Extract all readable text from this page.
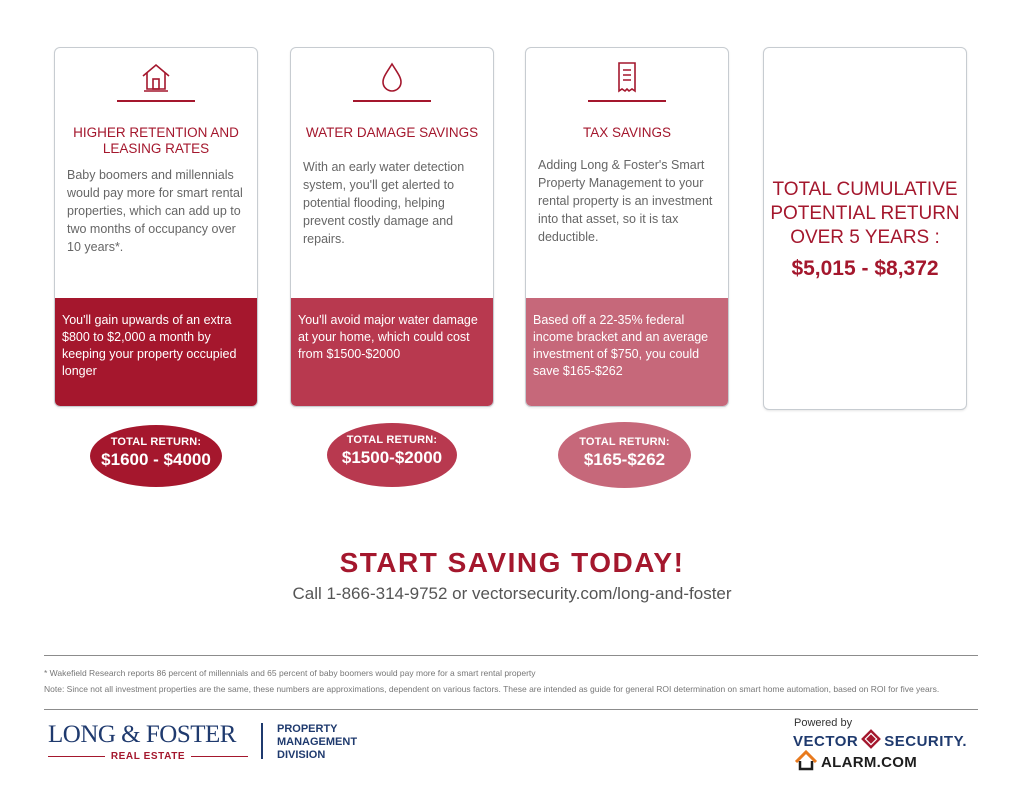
HIGHER RETENTION AND LEASING RATES
Baby boomers and millennials would pay more for smart rental properties, which can add up to two months of occupancy over 10 years*.
You'll gain upwards of an extra $800 to $2,000 a month by keeping your property occupied longer
WATER DAMAGE SAVINGS
With an early water detection system, you'll get alerted to potential flooding, helping prevent costly damage and repairs.
You'll avoid major water damage at your home, which could cost from $1500-$2000
TAX SAVINGS
Adding Long & Foster's Smart Property Management to your rental property is an investment into that asset, so it is tax deductible.
Based off a 22-35% federal income bracket and an average investment of $750, you could save $165-$262
TOTAL CUMULATIVE POTENTIAL RETURN OVER 5 YEARS :
$5,015 - $8,372
TOTAL RETURN:
$1600 - $4000
TOTAL RETURN:
$1500-$2000
TOTAL RETURN:
$165-$262
START SAVING TODAY!
Call 1-866-314-9752 or vectorsecurity.com/long-and-foster
* Wakefield Research reports 86 percent of millennials and 65 percent of baby boomers would pay more for a smart rental property
Note: Since not all investment properties are the same, these numbers are approximations, dependent on various factors. These are intended as guide for general ROI determination on smart home automation, based on ROI for five years.
LONG & FOSTER
REAL ESTATE
PROPERTY
MANAGEMENT
DIVISION
Powered by
VECTOR SECURITY.
ALARM.COM
